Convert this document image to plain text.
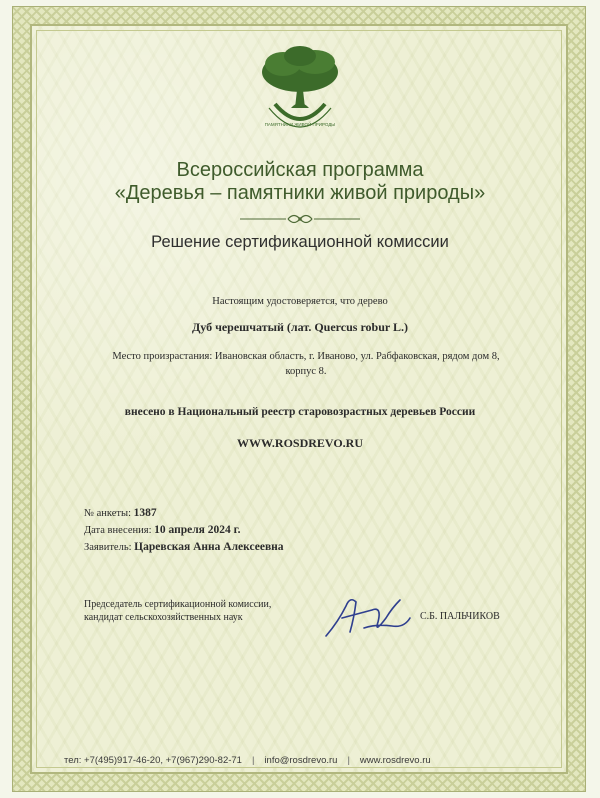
ПАМЯТНИКИ ЖИВОЙ ПРИРОДЫ
Всероссийская программа
«Деревья – памятники живой природы»
Решение сертификационной комиссии
Настоящим удостоверяется, что дерево
Дуб черешчатый (лат. Quercus robur L.)
Место произрастания: Ивановская область, г. Иваново, ул. Рабфаковская, рядом дом 8,
корпус 8.
внесено в Национальный реестр старовозрастных деревьев России
WWW.ROSDREVO.RU
№ анкеты: 1387
Дата внесения: 10 апреля 2024 г.
Заявитель: Царевская Анна Алексеевна
Председатель сертификационной комиссии,
кандидат сельскохозяйственных наук	С.Б. ПАЛЬЧИКОВ
тел: +7(495)917-46-20, +7(967)290-82-71 | info@rosdrevo.ru | www.rosdrevo.ru
